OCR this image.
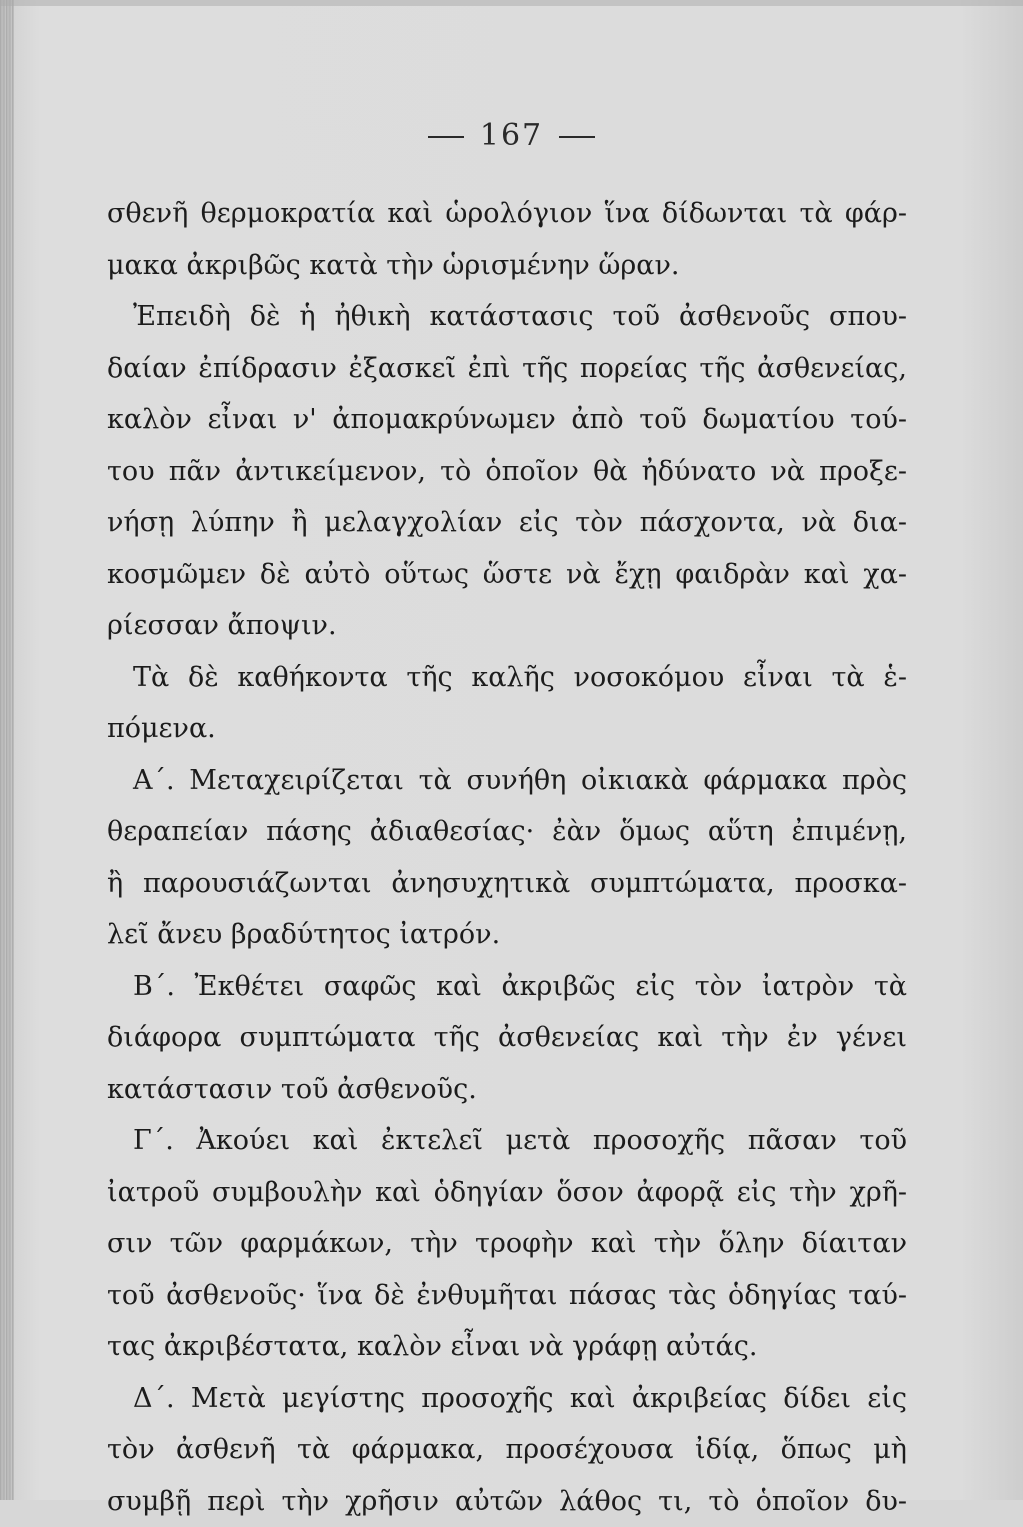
167
σθενῆ θερμοκρατία καὶ ὡρολόγιον ἵνα δίδωνται τὰ φάρ-
μακα ἀκριβῶς κατὰ τὴν ὡρισμένην ὥραν.
Ἐπειδὴ δὲ ἡ ἠθικὴ κατάστασις τοῦ ἀσθενοῦς σπου-
δαίαν ἐπίδρασιν ἐξασκεῖ ἐπὶ τῆς πορείας τῆς ἀσθενείας,
καλὸν εἶναι ν' ἀπομακρύνωμεν ἀπὸ τοῦ δωματίου τού-
του πᾶν ἀντικείμενον, τὸ ὁποῖον θὰ ἠδύνατο νὰ προξε-
νήσῃ λύπην ἢ μελαγχολίαν εἰς τὸν πάσχοντα, νὰ δια-
κοσμῶμεν δὲ αὐτὸ οὕτως ὥστε νὰ ἔχῃ φαιδρὰν καὶ χα-
ρίεσσαν ἄποψιν.
Τὰ δὲ καθήκοντα τῆς καλῆς νοσοκόμου εἶναι τὰ ἑ-
πόμενα.
Α΄. Μεταχειρίζεται τὰ συνήθη οἰκιακὰ φάρμακα πρὸς
θεραπείαν πάσης ἀδιαθεσίας· ἐὰν ὅμως αὕτη ἐπιμένῃ,
ἢ παρουσιάζωνται ἀνησυχητικὰ συμπτώματα, προσκα-
λεῖ ἄνευ βραδύτητος ἰατρόν.
Β΄. Ἐκθέτει σαφῶς καὶ ἀκριβῶς εἰς τὸν ἰατρὸν τὰ
διάφορα συμπτώματα τῆς ἀσθενείας καὶ τὴν ἐν γένει
κατάστασιν τοῦ ἀσθενοῦς.
Γ΄. Ἀκούει καὶ ἐκτελεῖ μετὰ προσοχῆς πᾶσαν τοῦ
ἰατροῦ συμβουλὴν καὶ ὁδηγίαν ὅσον ἀφορᾷ εἰς τὴν χρῆ-
σιν τῶν φαρμάκων, τὴν τροφὴν καὶ τὴν ὅλην δίαιταν
τοῦ ἀσθενοῦς· ἵνα δὲ ἐνθυμῆται πάσας τὰς ὁδηγίας ταύ-
τας ἀκριβέστατα, καλὸν εἶναι νὰ γράφῃ αὐτάς.
Δ΄. Μετὰ μεγίστης προσοχῆς καὶ ἀκριβείας δίδει εἰς
τὸν ἀσθενῆ τὰ φάρμακα, προσέχουσα ἰδίᾳ, ὅπως μὴ
συμβῇ περὶ τὴν χρῆσιν αὐτῶν λάθος τι, τὸ ὁποῖον δυ-
